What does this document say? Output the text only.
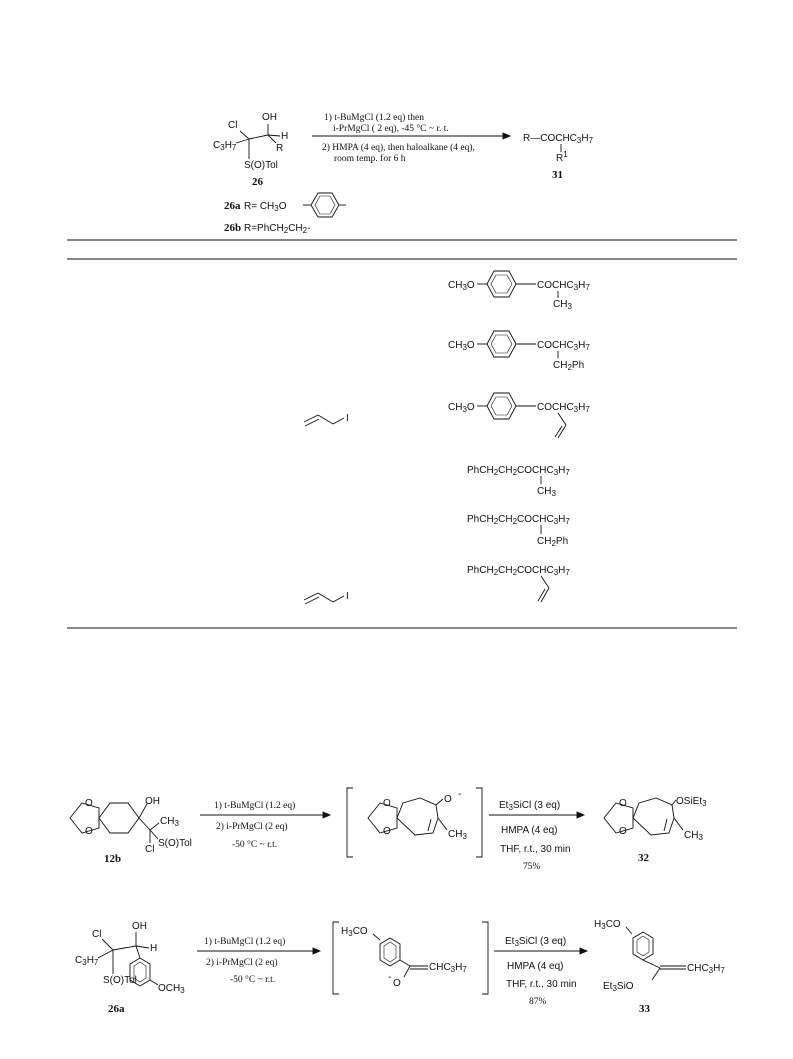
Cl
OH
H
$C_3H_7$	R
S(O)Tol
26
26a $R= CH_3O$
26b $R=PhCH_2CH_2-$
1) t-BuMgCl (1.2 eq) then
i-PrMgCl ( 2 eq), -45 °C ~ r. t.
2) HMPA (4 eq), then haloalkane (4 eq),
room temp. for 6 h
$R—COCHC_3H_7$
$R^1$
31
$CH_3O$	$COCHC_3H_7$
$CH_3$
$CH_3O$	$COCHC_3H_7$
$CH_2Ph$
I
$CH_3O$	$COCHC_3H_7$
$PhCH_2CH_2COCHC_3H_7$
$CH_3$
$PhCH_2CH_2COCHC_3H_7$
$CH_2Ph$
I
$PhCH_2CH_2COCHC_3H_7$
O
O
OH
$CH_3$
S(O)Tol
Cl
12b
1) t-BuMgCl (1.2 eq)
2) i-PrMgCl (2 eq)
-50 °C ~ r.t.
O
O
O -
$CH_3$
$Et_3SiCl$ (3 eq)
HMPA (4 eq)
THF, r.t., 30 min
75%
O
O
OSiEt$_3$
$CH_3$
32
Cl
OH
H
$C_3H_7$
S(O)Tol
$OCH_3$
26a
1) t-BuMgCl (1.2 eq)
2) i-PrMgCl (2 eq)
-50 °C ~ r.t.
$H_3CO$
$CHC_3H_7$
O
-
$Et_3SiCl$ (3 eq)
HMPA (4 eq)
THF, r.t., 30 min
87%
$H_3CO$
$CHC_3H_7$
$Et_3SiO$
33
